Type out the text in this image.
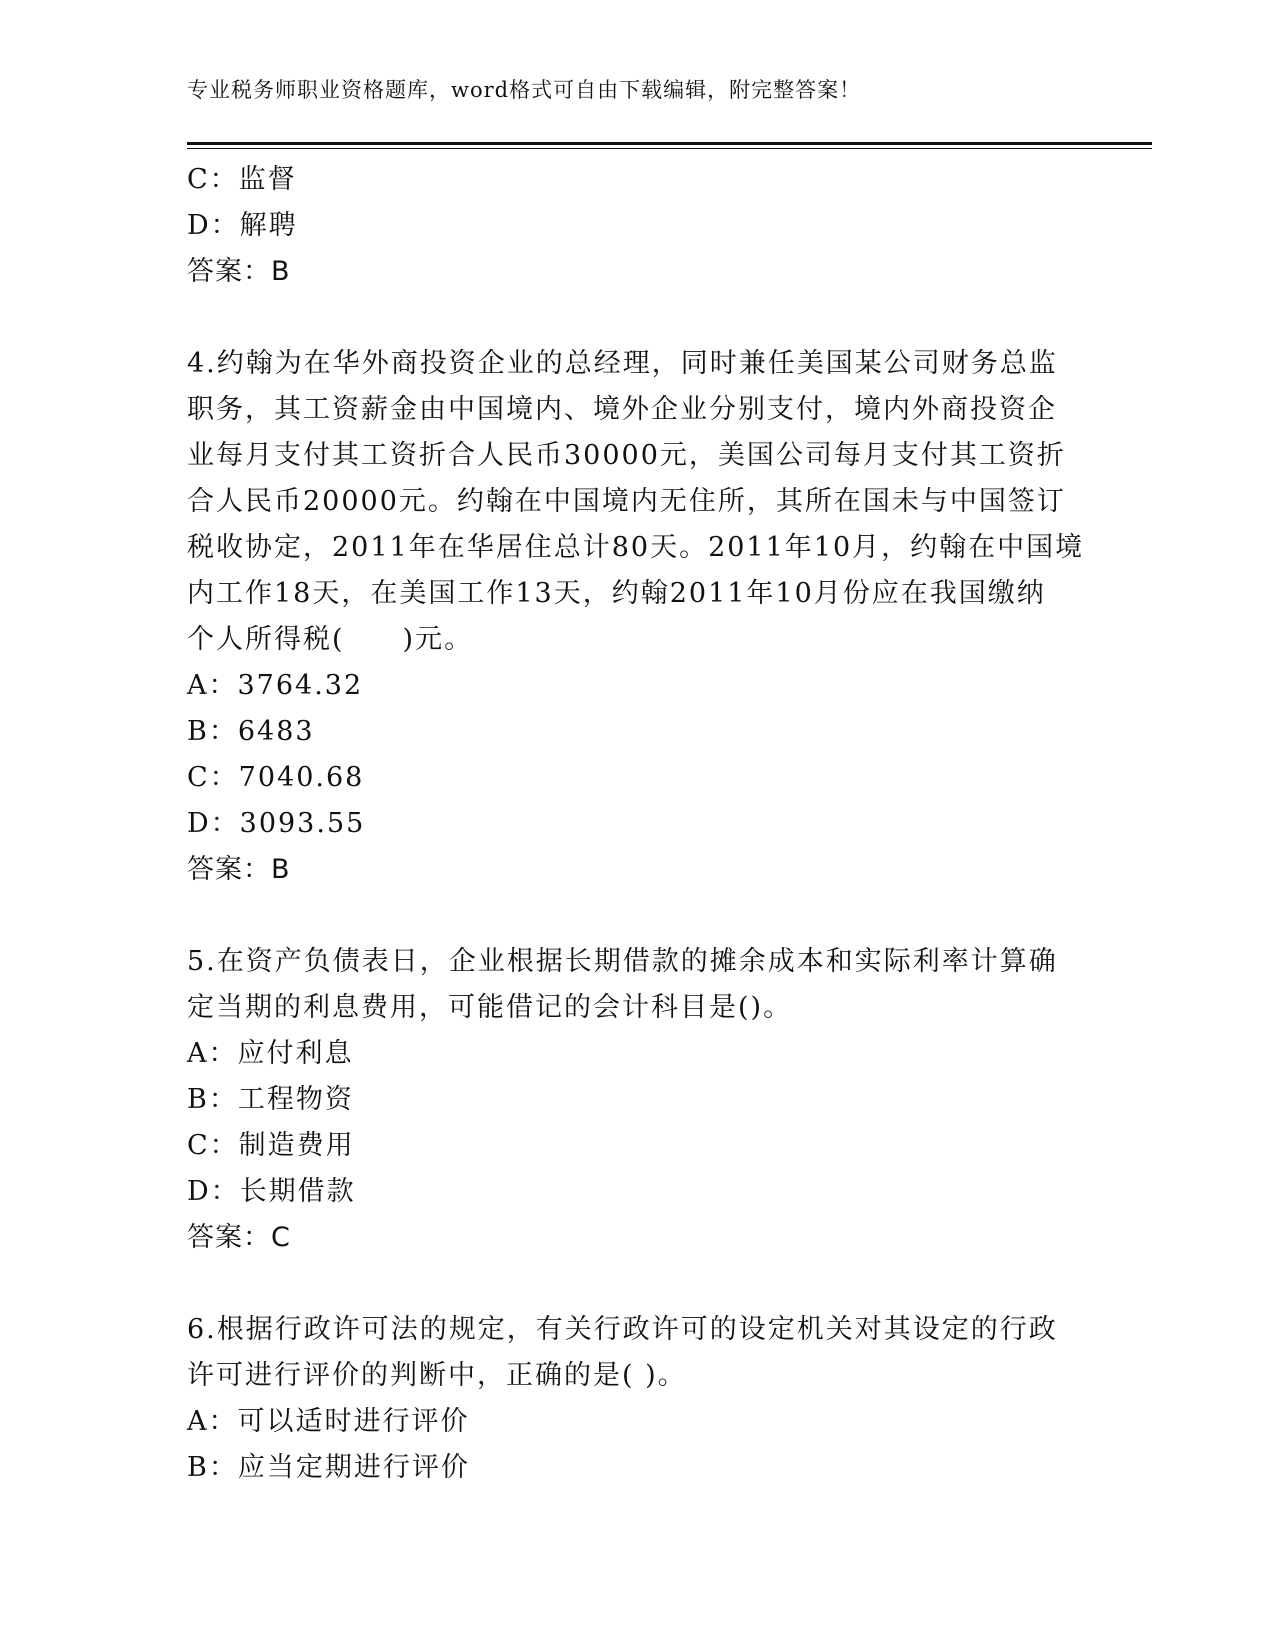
专业税务师职业资格题库，word格式可自由下载编辑，附完整答案！
C：监督
D：解聘
答案：B
4.约翰为在华外商投资企业的总经理，同时兼任美国某公司财务总监
职务，其工资薪金由中国境内、境外企业分别支付，境内外商投资企
业每月支付其工资折合人民币30000元，美国公司每月支付其工资折
合人民币20000元。约翰在中国境内无住所，其所在国未与中国签订
税收协定，2011年在华居住总计80天。2011年10月，约翰在中国境
内工作18天，在美国工作13天，约翰2011年10月份应在我国缴纳
个人所得税(　　)元。
A：3764.32
B：6483
C：7040.68
D：3093.55
答案：B
5.在资产负债表日，企业根据长期借款的摊余成本和实际利率计算确
定当期的利息费用，可能借记的会计科目是()。
A：应付利息
B：工程物资
C：制造费用
D：长期借款
答案：C
6.根据行政许可法的规定，有关行政许可的设定机关对其设定的行政
许可进行评价的判断中，正确的是( )。
A：可以适时进行评价
B：应当定期进行评价
